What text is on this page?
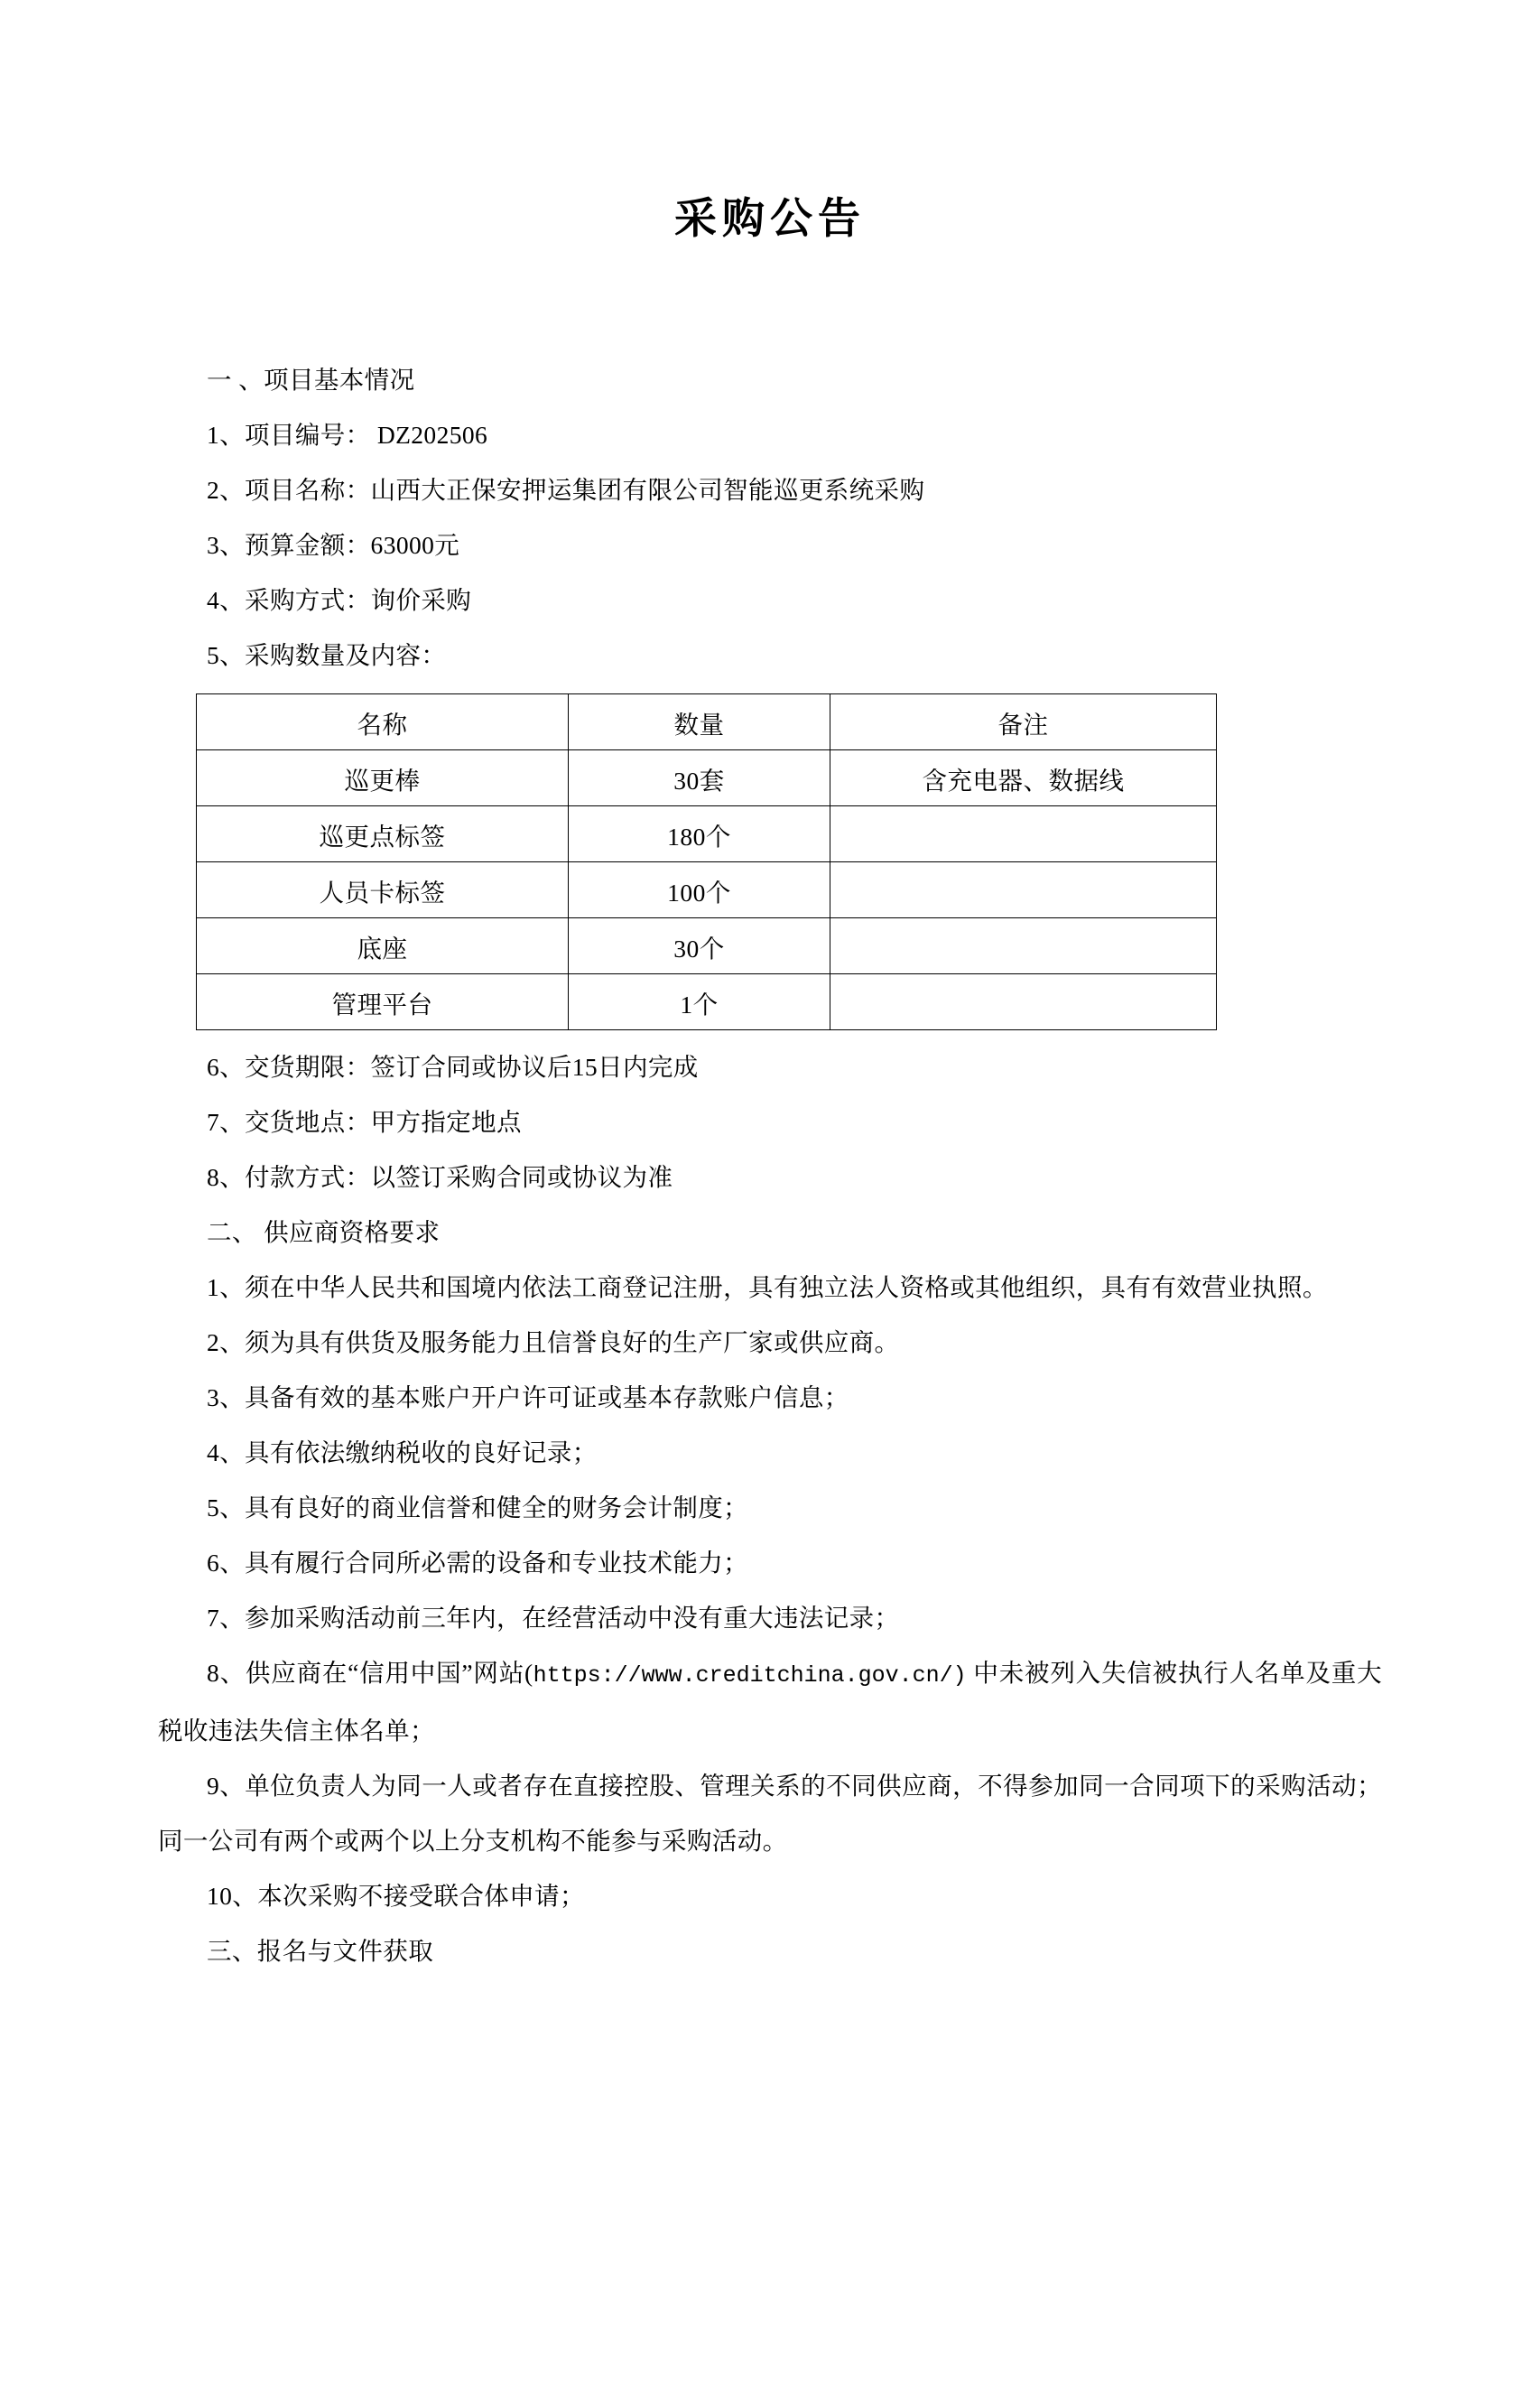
采购公告

一 、项目基本情况

1、项目编号： DZ202506

2、项目名称：山西大正保安押运集团有限公司智能巡更系统采购

3、预算金额：63000元

4、采购方式：询价采购

5、采购数量及内容：

名称	数量	备注
巡更棒	30套	含充电器、数据线
巡更点标签	180个	
人员卡标签	100个	
底座	30个	
管理平台	1个	

6、交货期限：签订合同或协议后15日内完成

7、交货地点：甲方指定地点

8、付款方式：以签订采购合同或协议为准

二、 供应商资格要求

1、须在中华人民共和国境内依法工商登记注册，具有独立法人资格或其他组织，具有有效营业执照。

2、须为具有供货及服务能力且信誉良好的生产厂家或供应商。

3、具备有效的基本账户开户许可证或基本存款账户信息；

4、具有依法缴纳税收的良好记录；

5、具有良好的商业信誉和健全的财务会计制度；

6、具有履行合同所必需的设备和专业技术能力；

7、参加采购活动前三年内，在经营活动中没有重大违法记录；

8、供应商在“信用中国”网站(https://www.creditchina.gov.cn/) 中未被列入失信被执行人名单及重大税收违法失信主体名单；

9、单位负责人为同一人或者存在直接控股、管理关系的不同供应商，不得参加同一合同项下的采购活动；同一公司有两个或两个以上分支机构不能参与采购活动。

10、本次采购不接受联合体申请；

三、报名与文件获取
